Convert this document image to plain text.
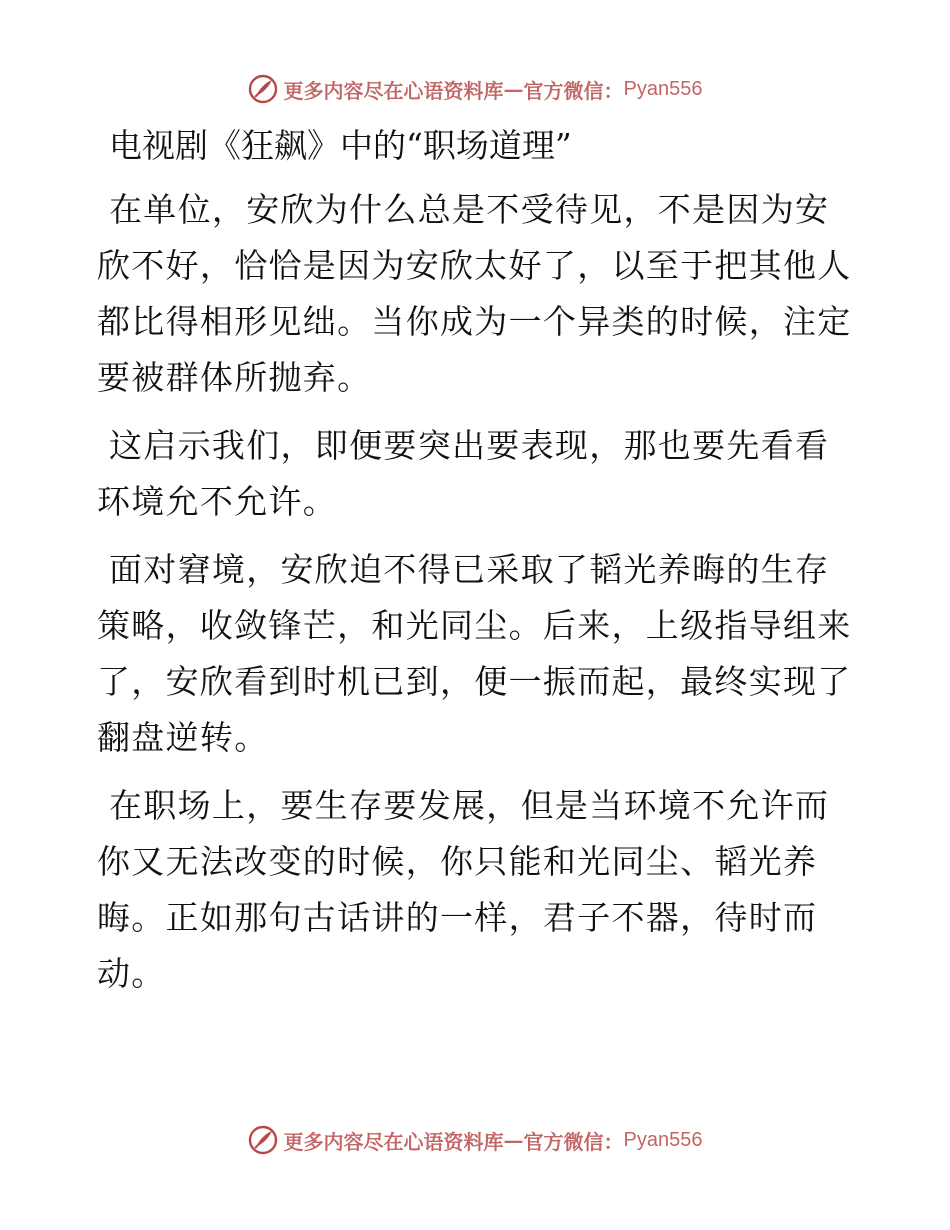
更多内容尽在心语资料库 — 官方微信： Pyan556
电视剧《狂飙》中的“职场道理”

在单位，安欣为什么总是不受待见，不是因为安欣不好，恰恰是因为安欣太好了，以至于把其他人都比得相形见绌。当你成为一个异类的时候，注定要被群体所抛弃。

这启示我们，即便要突出要表现，那也要先看看环境允不允许。

面对窘境，安欣迫不得已采取了韬光养晦的生存策略，收敛锋芒，和光同尘。后来，上级指导组来了，安欣看到时机已到，便一振而起，最终实现了翻盘逆转。

在职场上，要生存要发展，但是当环境不允许而你又无法改变的时候，你只能和光同尘、韬光养晦。正如那句古话讲的一样，君子不器，待时而动。

更多内容尽在心语资料库 — 官方微信： Pyan556
